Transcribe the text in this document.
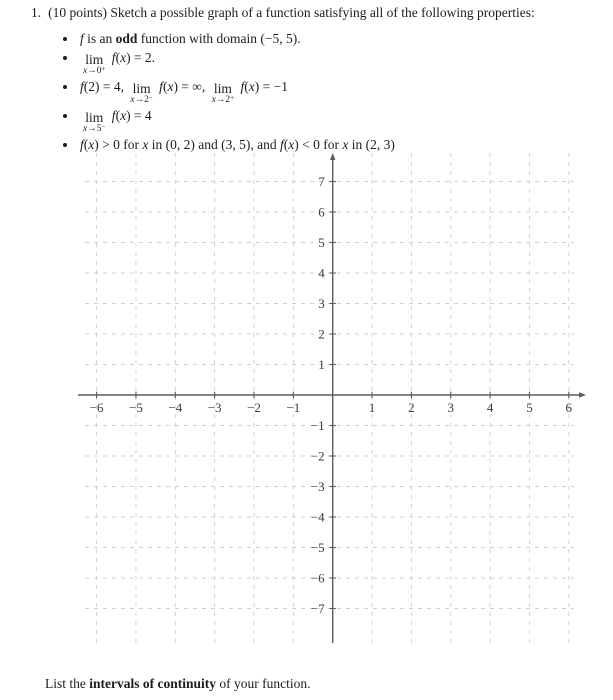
1. (10 points) Sketch a possible graph of a function satisfying all of the following properties:
• f is an odd function with domain (−5, 5).
• lim
x→0+
f(x) = 2.
• f(2) = 4, lim
x→2−
f(x) = ∞, lim
x→2+
f(x) = −1
• lim
x→5−
f(x) = 4
• f(x) > 0 for x in (0, 2) and (3, 5), and f(x) < 0 for x in (2, 3)
−6 −5 −4 −3 −2 −1	1	2	3	4	5	6
−7
−6
−5
−4
−3
−2
−1
1
2
3
4
5
6
7

List the intervals of continuity of your function.
